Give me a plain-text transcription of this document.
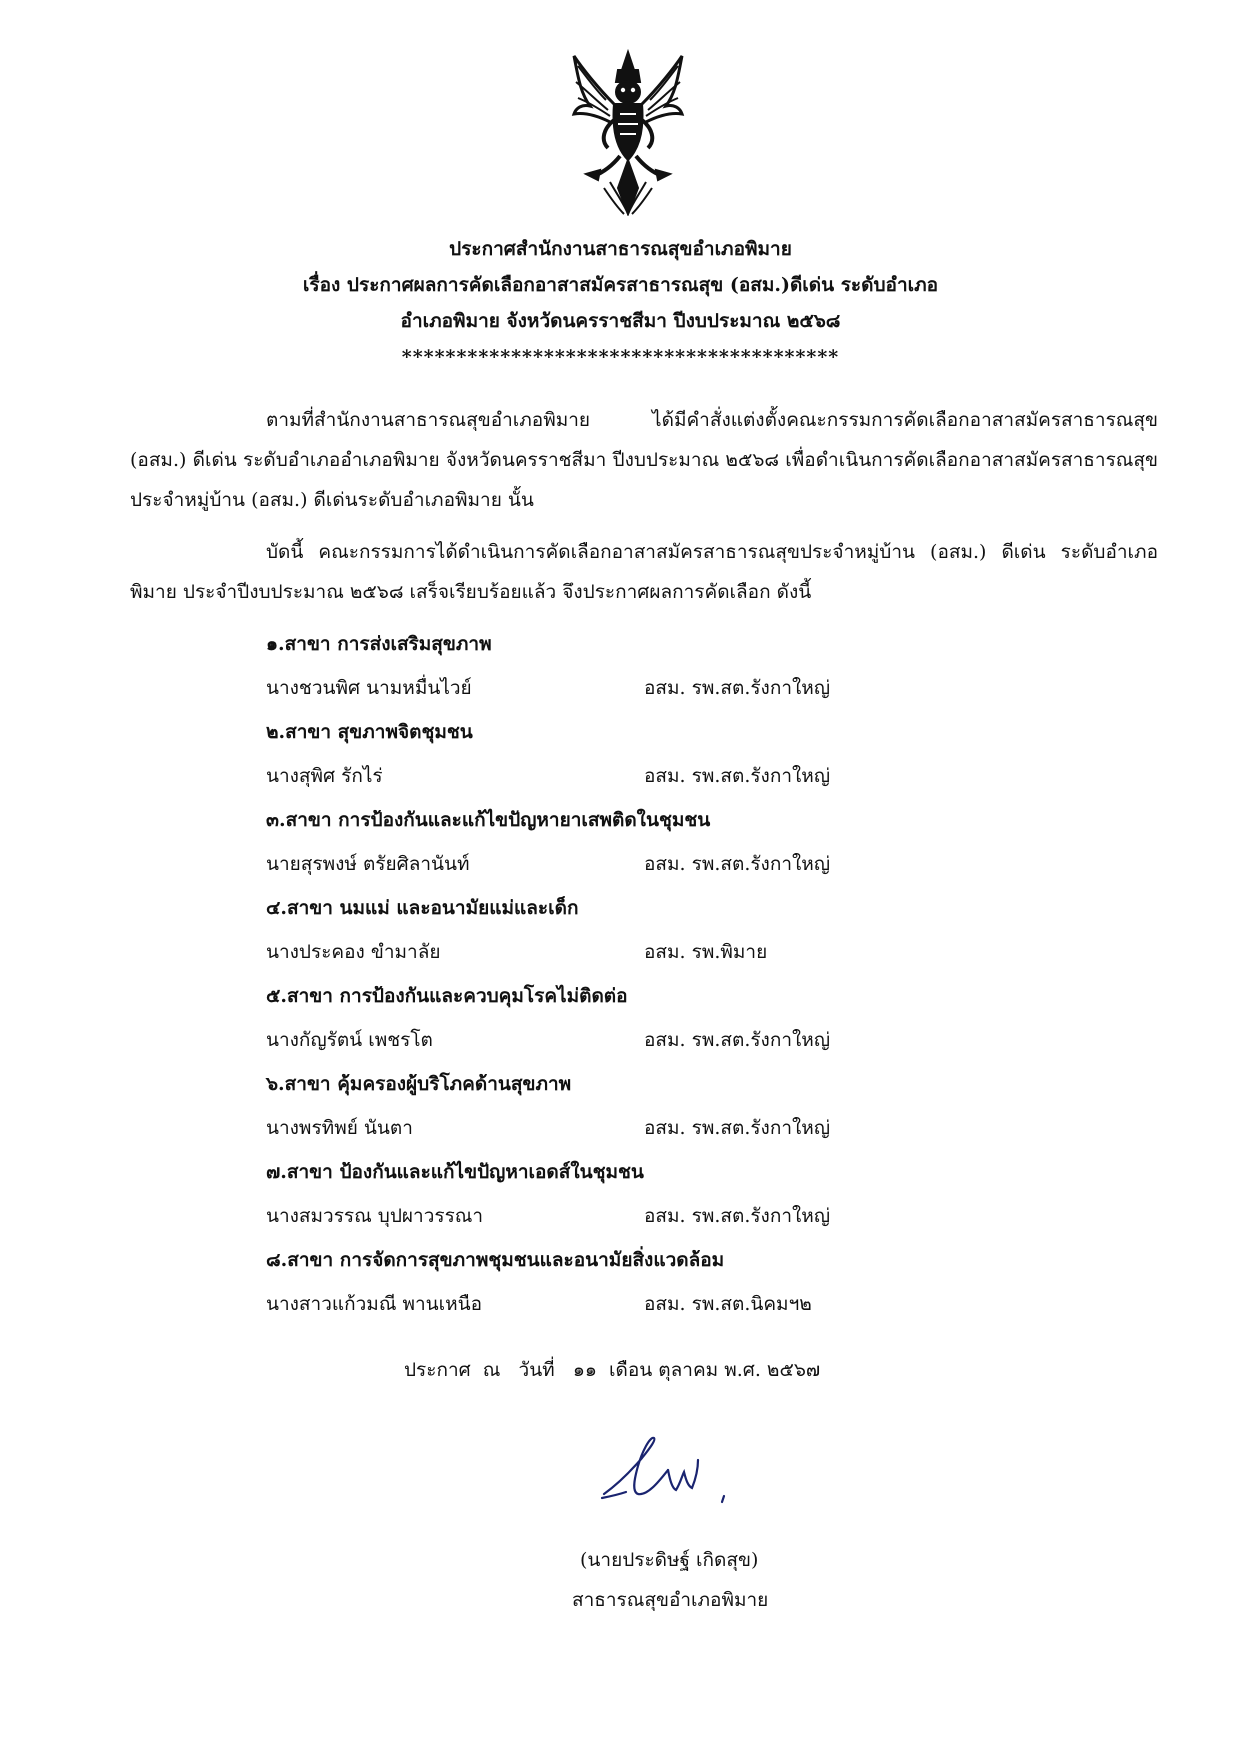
ประกาศสำนักงานสาธารณสุขอำเภอพิมาย
เรื่อง ประกาศผลการคัดเลือกอาสาสมัครสาธารณสุข (อสม.)ดีเด่น ระดับอำเภอ
อำเภอพิมาย จังหวัดนครราชสีมา ปีงบประมาณ ๒๕๖๘
****************************************
ตามที่สำนักงานสาธารณสุขอำเภอพิมาย ได้มีคำสั่งแต่งตั้งคณะกรรมการคัดเลือกอาสาสมัครสาธารณสุข (อสม.) ดีเด่น ระดับอำเภออำเภอพิมาย จังหวัดนครราชสีมา ปีงบประมาณ ๒๕๖๘ เพื่อดำเนินการคัดเลือกอาสาสมัครสาธารณสุขประจำหมู่บ้าน (อสม.) ดีเด่นระดับอำเภอพิมาย นั้น
บัดนี้ คณะกรรมการได้ดำเนินการคัดเลือกอาสาสมัครสาธารณสุขประจำหมู่บ้าน (อสม.) ดีเด่น ระดับอำเภอพิมาย ประจำปีงบประมาณ ๒๕๖๘ เสร็จเรียบร้อยแล้ว จึงประกาศผลการคัดเลือก ดังนี้
๑.สาขา การส่งเสริมสุขภาพ
นางชวนพิศ นามหมื่นไวย์	อสม. รพ.สต.รังกาใหญ่
๒.สาขา สุขภาพจิตชุมชน
นางสุพิศ รักไร่	อสม. รพ.สต.รังกาใหญ่
๓.สาขา การป้องกันและแก้ไขปัญหายาเสพติดในชุมชน
นายสุรพงษ์ ตรัยศิลานันท์	อสม. รพ.สต.รังกาใหญ่
๔.สาขา นมแม่ และอนามัยแม่และเด็ก
นางประคอง ขำมาลัย	อสม. รพ.พิมาย
๕.สาขา การป้องกันและควบคุมโรคไม่ติดต่อ
นางกัญรัตน์ เพชรโต	อสม. รพ.สต.รังกาใหญ่
๖.สาขา คุ้มครองผู้บริโภคด้านสุขภาพ
นางพรทิพย์ นันตา	อสม. รพ.สต.รังกาใหญ่
๗.สาขา ป้องกันและแก้ไขปัญหาเอดส์ในชุมชน
นางสมวรรณ บุปผาวรรณา	อสม. รพ.สต.รังกาใหญ่
๘.สาขา การจัดการสุขภาพชุมชนและอนามัยสิ่งแวดล้อม
นางสาวแก้วมณี พานเหนือ	อสม. รพ.สต.นิคมฯ๒
ประกาศ  ณ   วันที่   ๑๑  เดือน ตุลาคม พ.ศ. ๒๕๖๗
(นายประดิษฐ์ เกิดสุข)
สาธารณสุขอำเภอพิมาย
